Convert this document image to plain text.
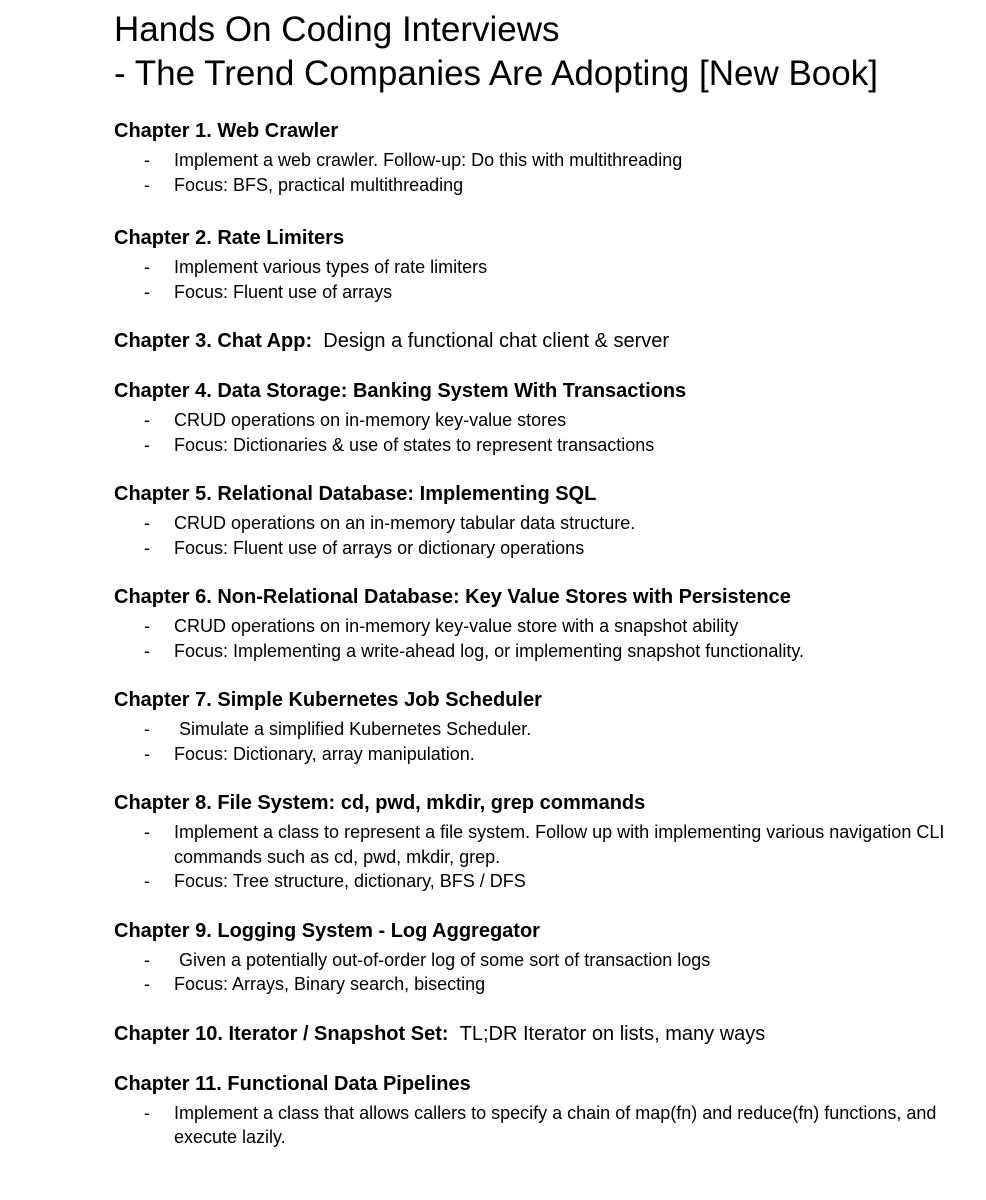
Hands On Coding Interviews
- The Trend Companies Are Adopting [New Book]
Chapter 1. Web Crawler
- Implement a web crawler. Follow-up: Do this with multithreading
- Focus: BFS, practical multithreading
Chapter 2. Rate Limiters
- Implement various types of rate limiters
- Focus: Fluent use of arrays
Chapter 3. Chat App: Design a functional chat client & server
Chapter 4. Data Storage: Banking System With Transactions
- CRUD operations on in-memory key-value stores
- Focus: Dictionaries & use of states to represent transactions
Chapter 5. Relational Database: Implementing SQL
- CRUD operations on an in-memory tabular data structure.
- Focus: Fluent use of arrays or dictionary operations
Chapter 6. Non-Relational Database: Key Value Stores with Persistence
- CRUD operations on in-memory key-value store with a snapshot ability
- Focus: Implementing a write-ahead log, or implementing snapshot functionality.
Chapter 7. Simple Kubernetes Job Scheduler
- Simulate a simplified Kubernetes Scheduler.
- Focus: Dictionary, array manipulation.
Chapter 8. File System: cd, pwd, mkdir, grep commands
- Implement a class to represent a file system. Follow up with implementing various navigation CLI commands such as cd, pwd, mkdir, grep.
- Focus: Tree structure, dictionary, BFS / DFS
Chapter 9. Logging System - Log Aggregator
- Given a potentially out-of-order log of some sort of transaction logs
- Focus: Arrays, Binary search, bisecting
Chapter 10. Iterator / Snapshot Set: TL;DR Iterator on lists, many ways
Chapter 11. Functional Data Pipelines
- Implement a class that allows callers to specify a chain of map(fn) and reduce(fn) functions, and execute lazily.
